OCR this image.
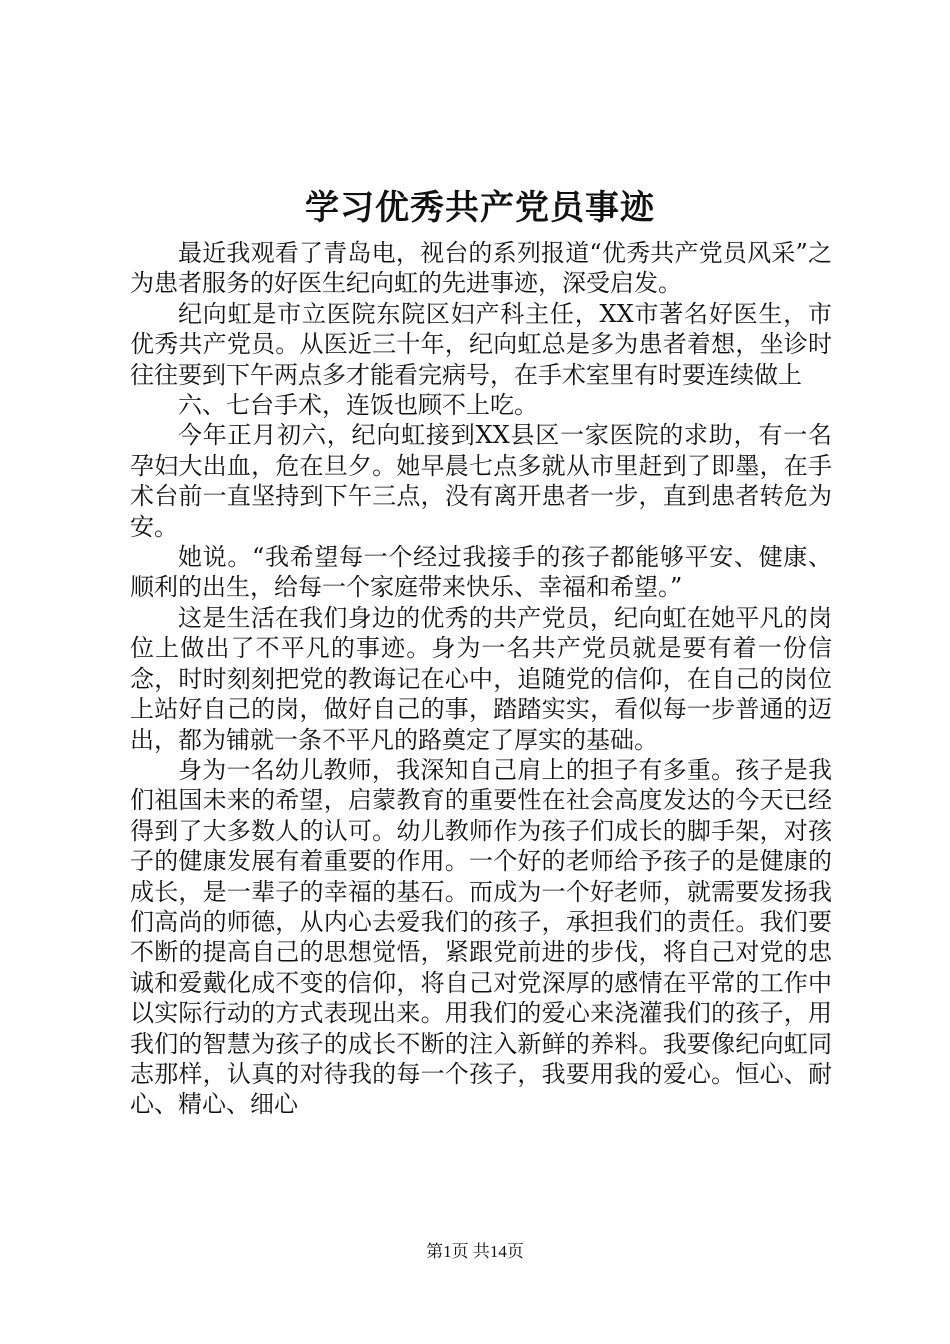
学习优秀共产党员事迹

最近我观看了青岛电，视台的系列报道“优秀共产党员风采”之为患者服务的好医生纪向虹的先进事迹，深受启发。

纪向虹是市立医院东院区妇产科主任，XX市著名好医生，市优秀共产党员。从医近三十年，纪向虹总是多为患者着想，坐诊时往往要到下午两点多才能看完病号，在手术室里有时要连续做上

六、七台手术，连饭也顾不上吃。

今年正月初六，纪向虹接到XX县区一家医院的求助，有一名孕妇大出血，危在旦夕。她早晨七点多就从市里赶到了即墨，在手术台前一直坚持到下午三点，没有离开患者一步，直到患者转危为安。

她说。“我希望每一个经过我接手的孩子都能够平安、健康、顺利的出生，给每一个家庭带来快乐、幸福和希望。”

这是生活在我们身边的优秀的共产党员，纪向虹在她平凡的岗位上做出了不平凡的事迹。身为一名共产党员就是要有着一份信念，时时刻刻把党的教诲记在心中，追随党的信仰，在自己的岗位上站好自己的岗，做好自己的事，踏踏实实，看似每一步普通的迈出，都为铺就一条不平凡的路奠定了厚实的基础。

身为一名幼儿教师，我深知自己肩上的担子有多重。孩子是我们祖国未来的希望，启蒙教育的重要性在社会高度发达的今天已经得到了大多数人的认可。幼儿教师作为孩子们成长的脚手架，对孩子的健康发展有着重要的作用。一个好的老师给予孩子的是健康的成长，是一辈子的幸福的基石。而成为一个好老师，就需要发扬我们高尚的师德，从内心去爱我们的孩子，承担我们的责任。我们要不断的提高自己的思想觉悟，紧跟党前进的步伐，将自己对党的忠诚和爱戴化成不变的信仰，将自己对党深厚的感情在平常的工作中以实际行动的方式表现出来。用我们的爱心来浇灌我们的孩子，用我们的智慧为孩子的成长不断的注入新鲜的养料。我要像纪向虹同志那样，认真的对待我的每一个孩子，我要用我的爱心。恒心、耐心、精心、细心

第1页 共14页
